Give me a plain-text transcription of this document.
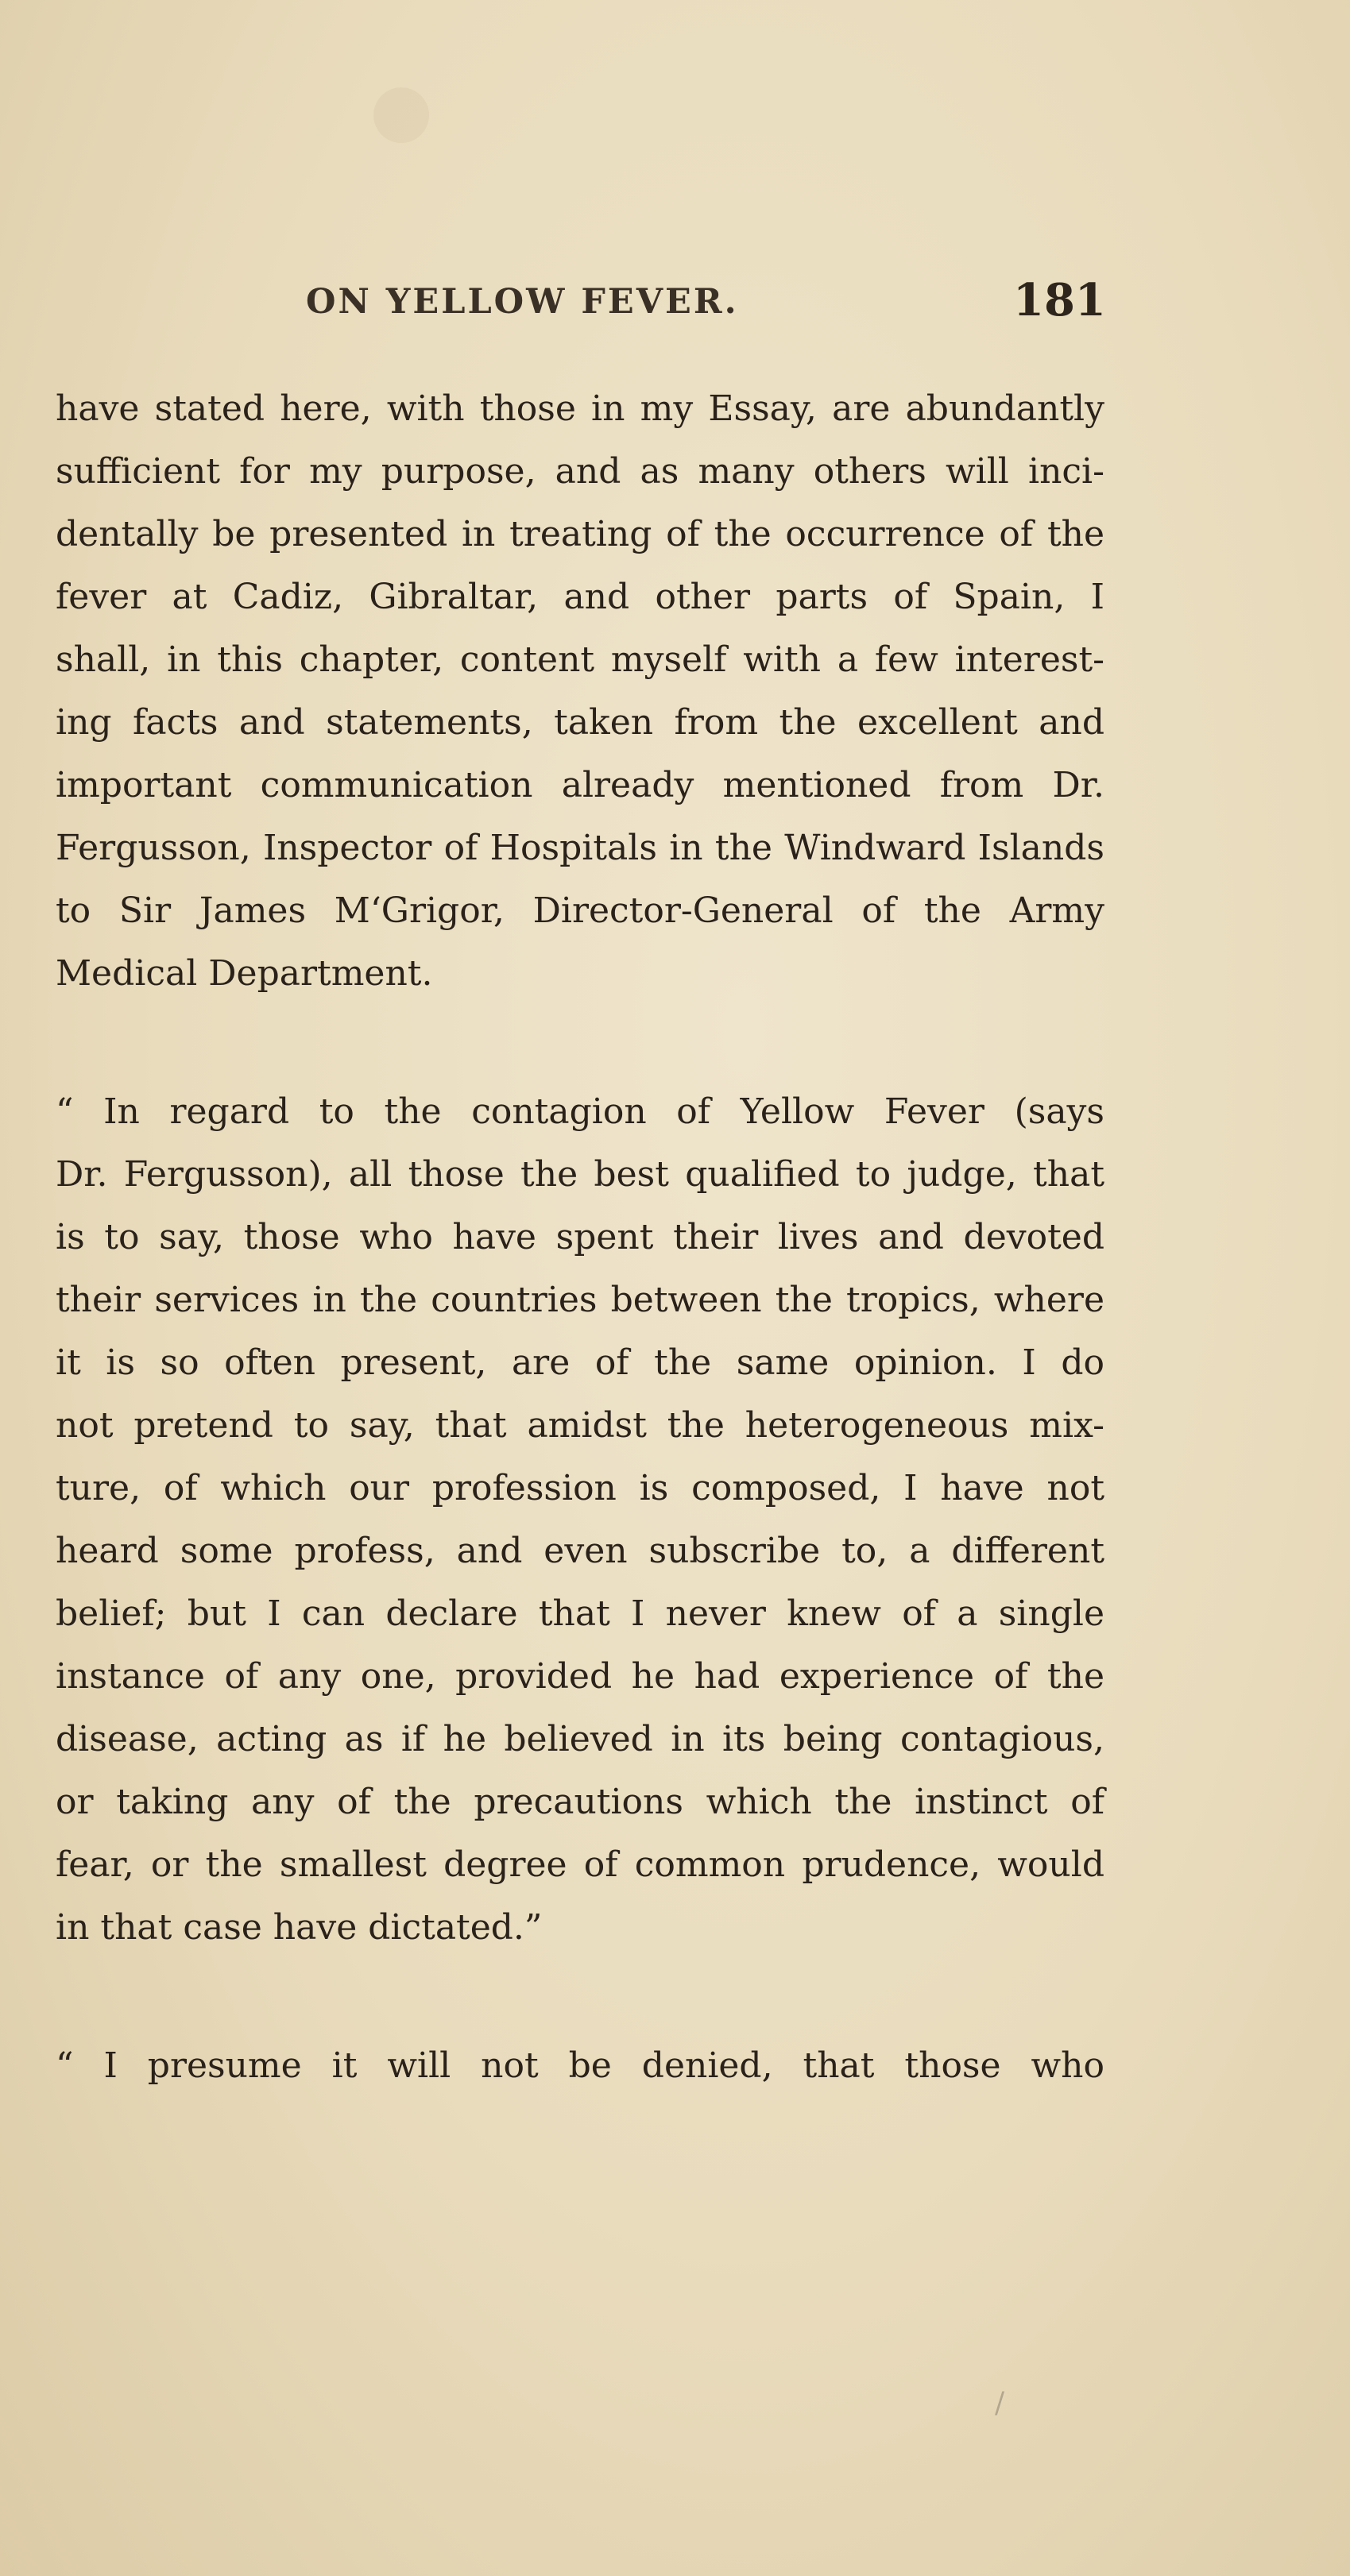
/
ON YELLOW FEVER.	181
have stated here, with those in my Essay, are abundantly
sufficient for my purpose, and as many others will inci-
dentally be presented in treating of the occurrence of the
fever at Cadiz, Gibraltar, and other parts of Spain, I
shall, in this chapter, content myself with a few interest-
ing facts and statements, taken from the excellent and
important communication already mentioned from Dr.
Fergusson, Inspector of Hospitals in the Windward Islands
to Sir James M‘Grigor, Director-General of the Army
Medical Department.
“ In regard to the contagion of Yellow Fever (says
Dr. Fergusson), all those the best qualified to judge, that
is to say, those who have spent their lives and devoted
their services in the countries between the tropics, where
it is so often present, are of the same opinion. I do
not pretend to say, that amidst the heterogeneous mix-
ture, of which our profession is composed, I have not
heard some profess, and even subscribe to, a different
belief; but I can declare that I never knew of a single
instance of any one, provided he had experience of the
disease, acting as if he believed in its being contagious,
or taking any of the precautions which the instinct of
fear, or the smallest degree of common prudence, would
in that case have dictated.”
“ I presume it will not be denied, that those who
